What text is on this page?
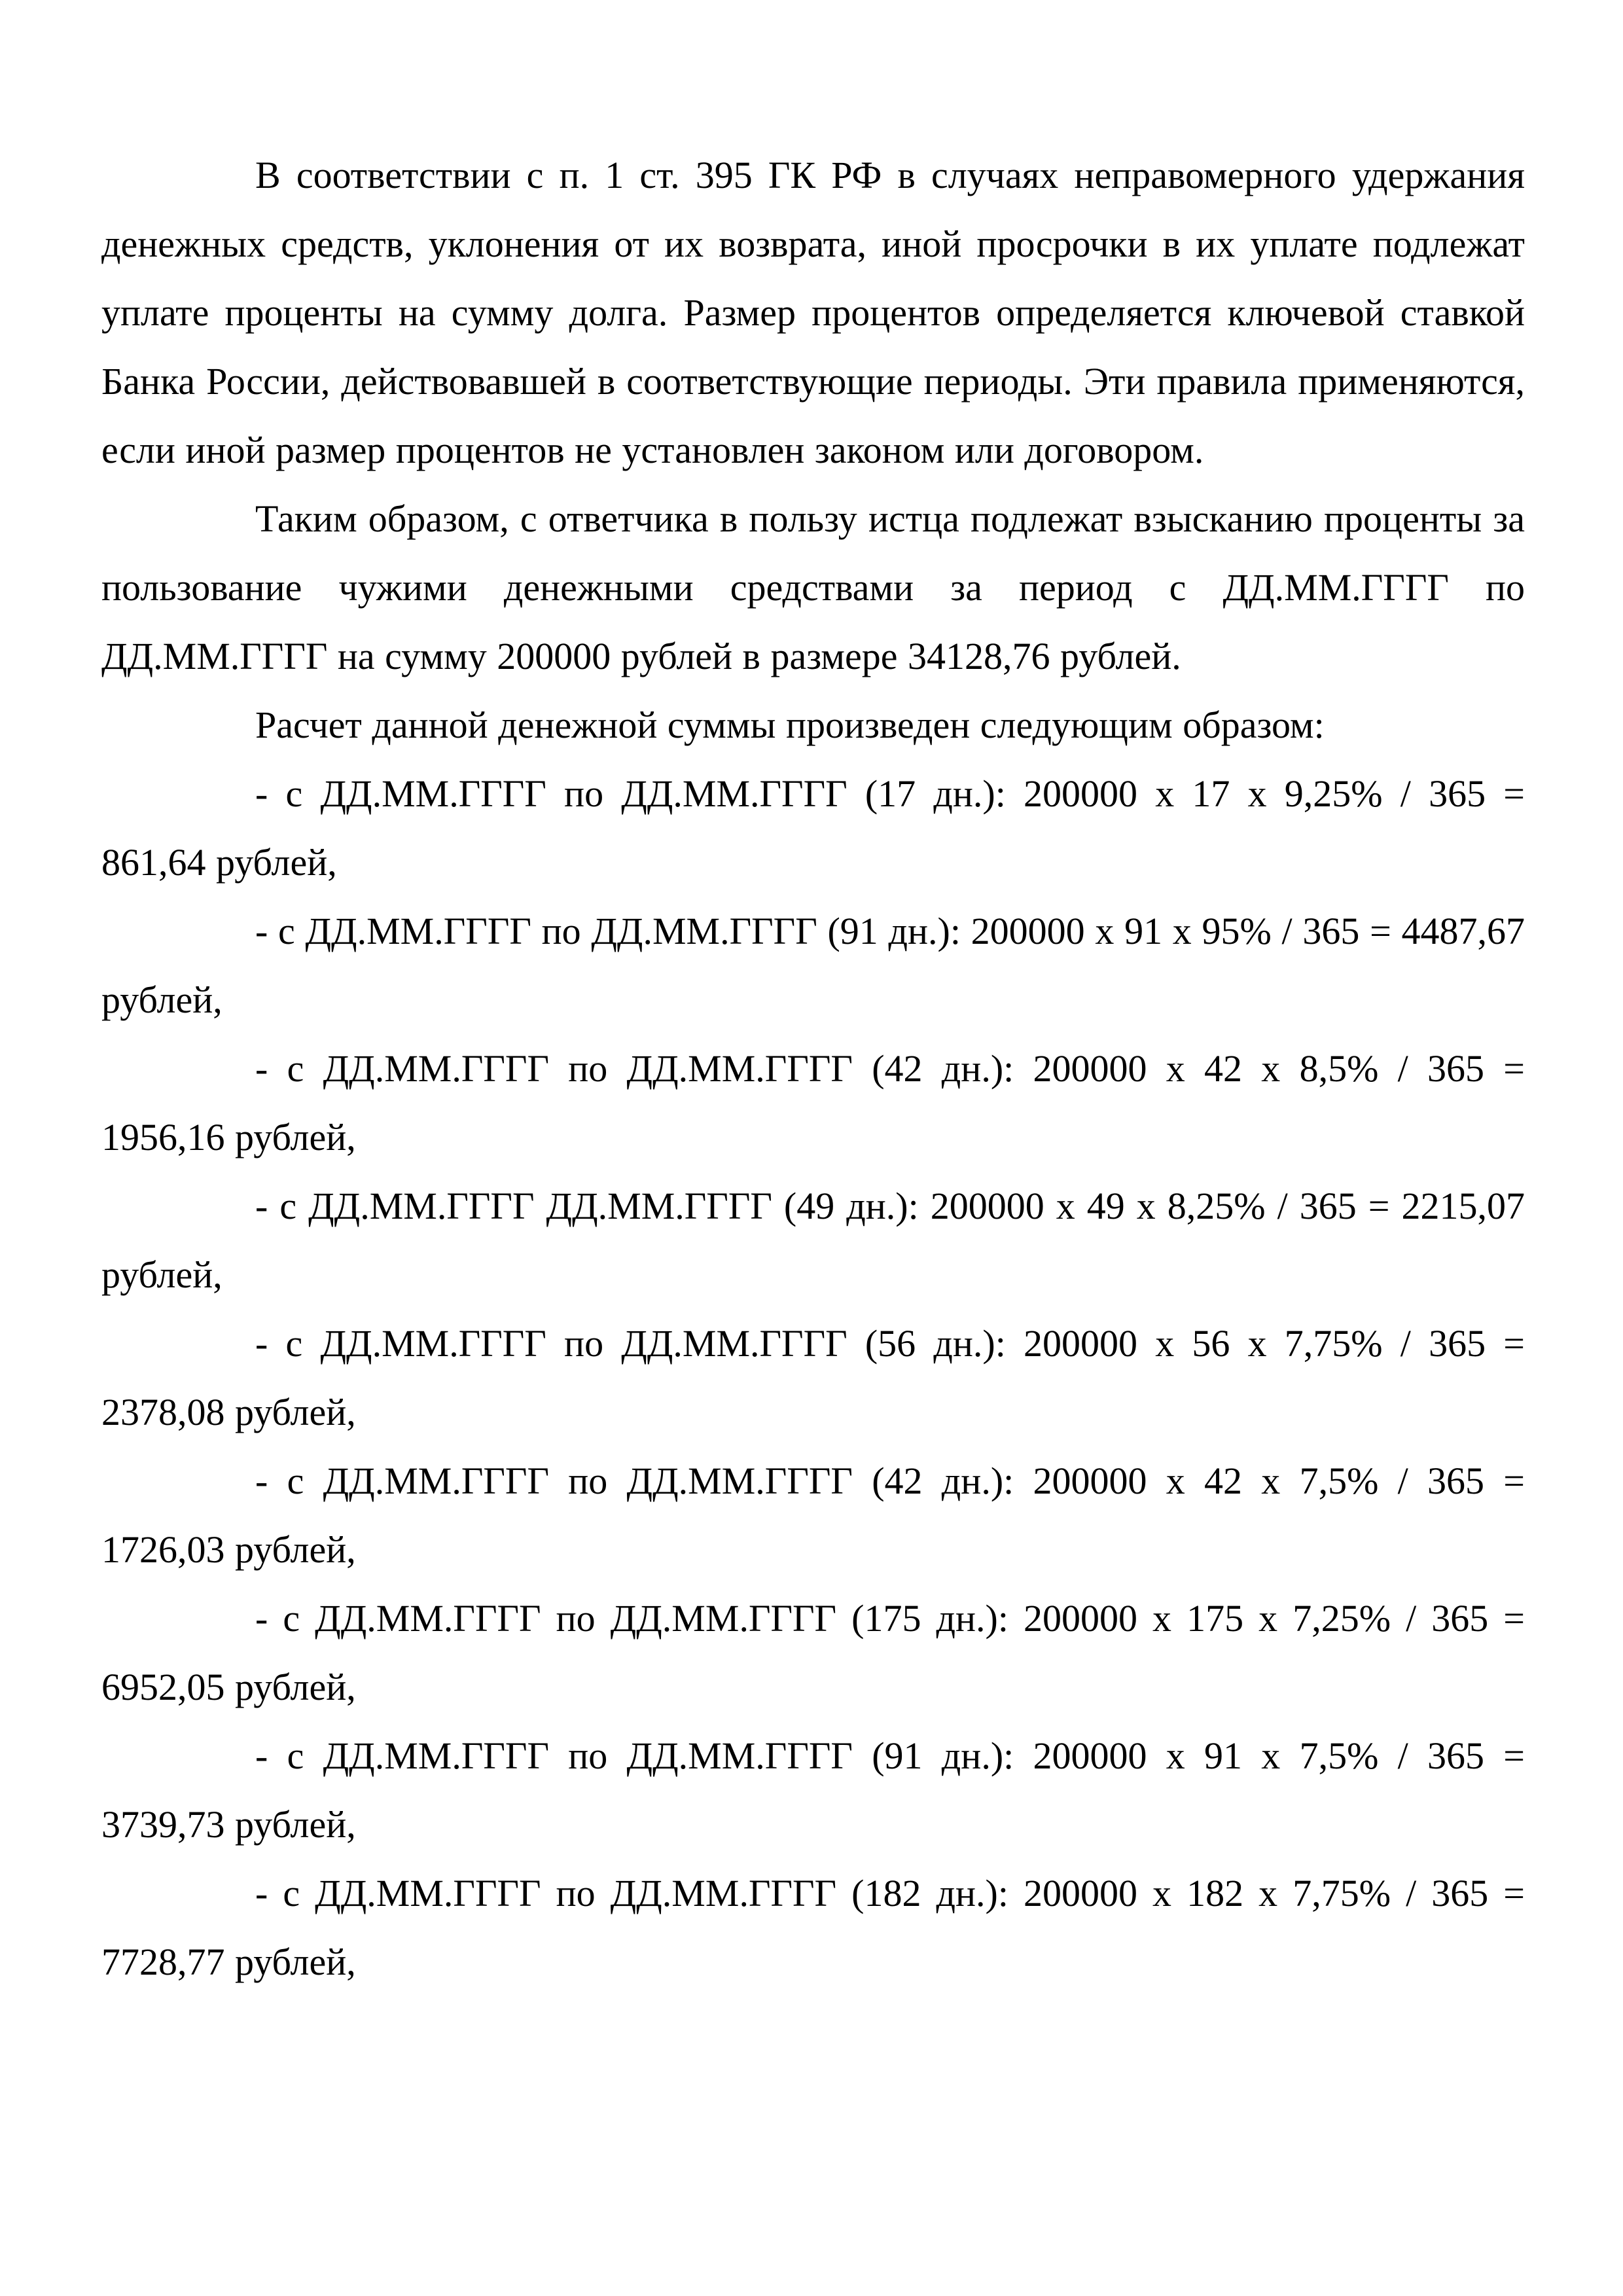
В соответствии с п. 1 ст. 395 ГК РФ в случаях неправомерного удержания денежных средств, уклонения от их возврата, иной просрочки в их уплате подлежат уплате проценты на сумму долга. Размер процентов определяется ключевой ставкой Банка России, действовавшей в соответствующие периоды. Эти правила применяются, если иной размер процентов не установлен законом или договором.

Таким образом, с ответчика в пользу истца подлежат взысканию проценты за пользование чужими денежными средствами за период с ДД.ММ.ГГГГ по ДД.ММ.ГГГГ на сумму 200000 рублей в размере 34128,76 рублей.

Расчет данной денежной суммы произведен следующим образом:

- с ДД.ММ.ГГГГ по ДД.ММ.ГГГГ (17 дн.): 200000 х 17 х 9,25% / 365 = 861,64 рублей,

- с ДД.ММ.ГГГГ по ДД.ММ.ГГГГ (91 дн.): 200000 х 91 х 95% / 365 = 4487,67 рублей,

- с ДД.ММ.ГГГГ по ДД.ММ.ГГГГ (42 дн.): 200000 х 42 х 8,5% / 365 = 1956,16 рублей,

- с ДД.ММ.ГГГГ ДД.ММ.ГГГГ (49 дн.): 200000 х 49 х 8,25% / 365 = 2215,07 рублей,

- с ДД.ММ.ГГГГ по ДД.ММ.ГГГГ (56 дн.): 200000 х 56 х 7,75% / 365 = 2378,08 рублей,

- с ДД.ММ.ГГГГ по ДД.ММ.ГГГГ (42 дн.): 200000 х 42 х 7,5% / 365 = 1726,03 рублей,

- с ДД.ММ.ГГГГ по ДД.ММ.ГГГГ (175 дн.): 200000 х 175 х 7,25% / 365 = 6952,05 рублей,

- с ДД.ММ.ГГГГ по ДД.ММ.ГГГГ (91 дн.): 200000 х 91 х 7,5% / 365 = 3739,73 рублей,

- с ДД.ММ.ГГГГ по ДД.ММ.ГГГГ (182 дн.): 200000 х 182 х 7,75% / 365 = 7728,77 рублей,
